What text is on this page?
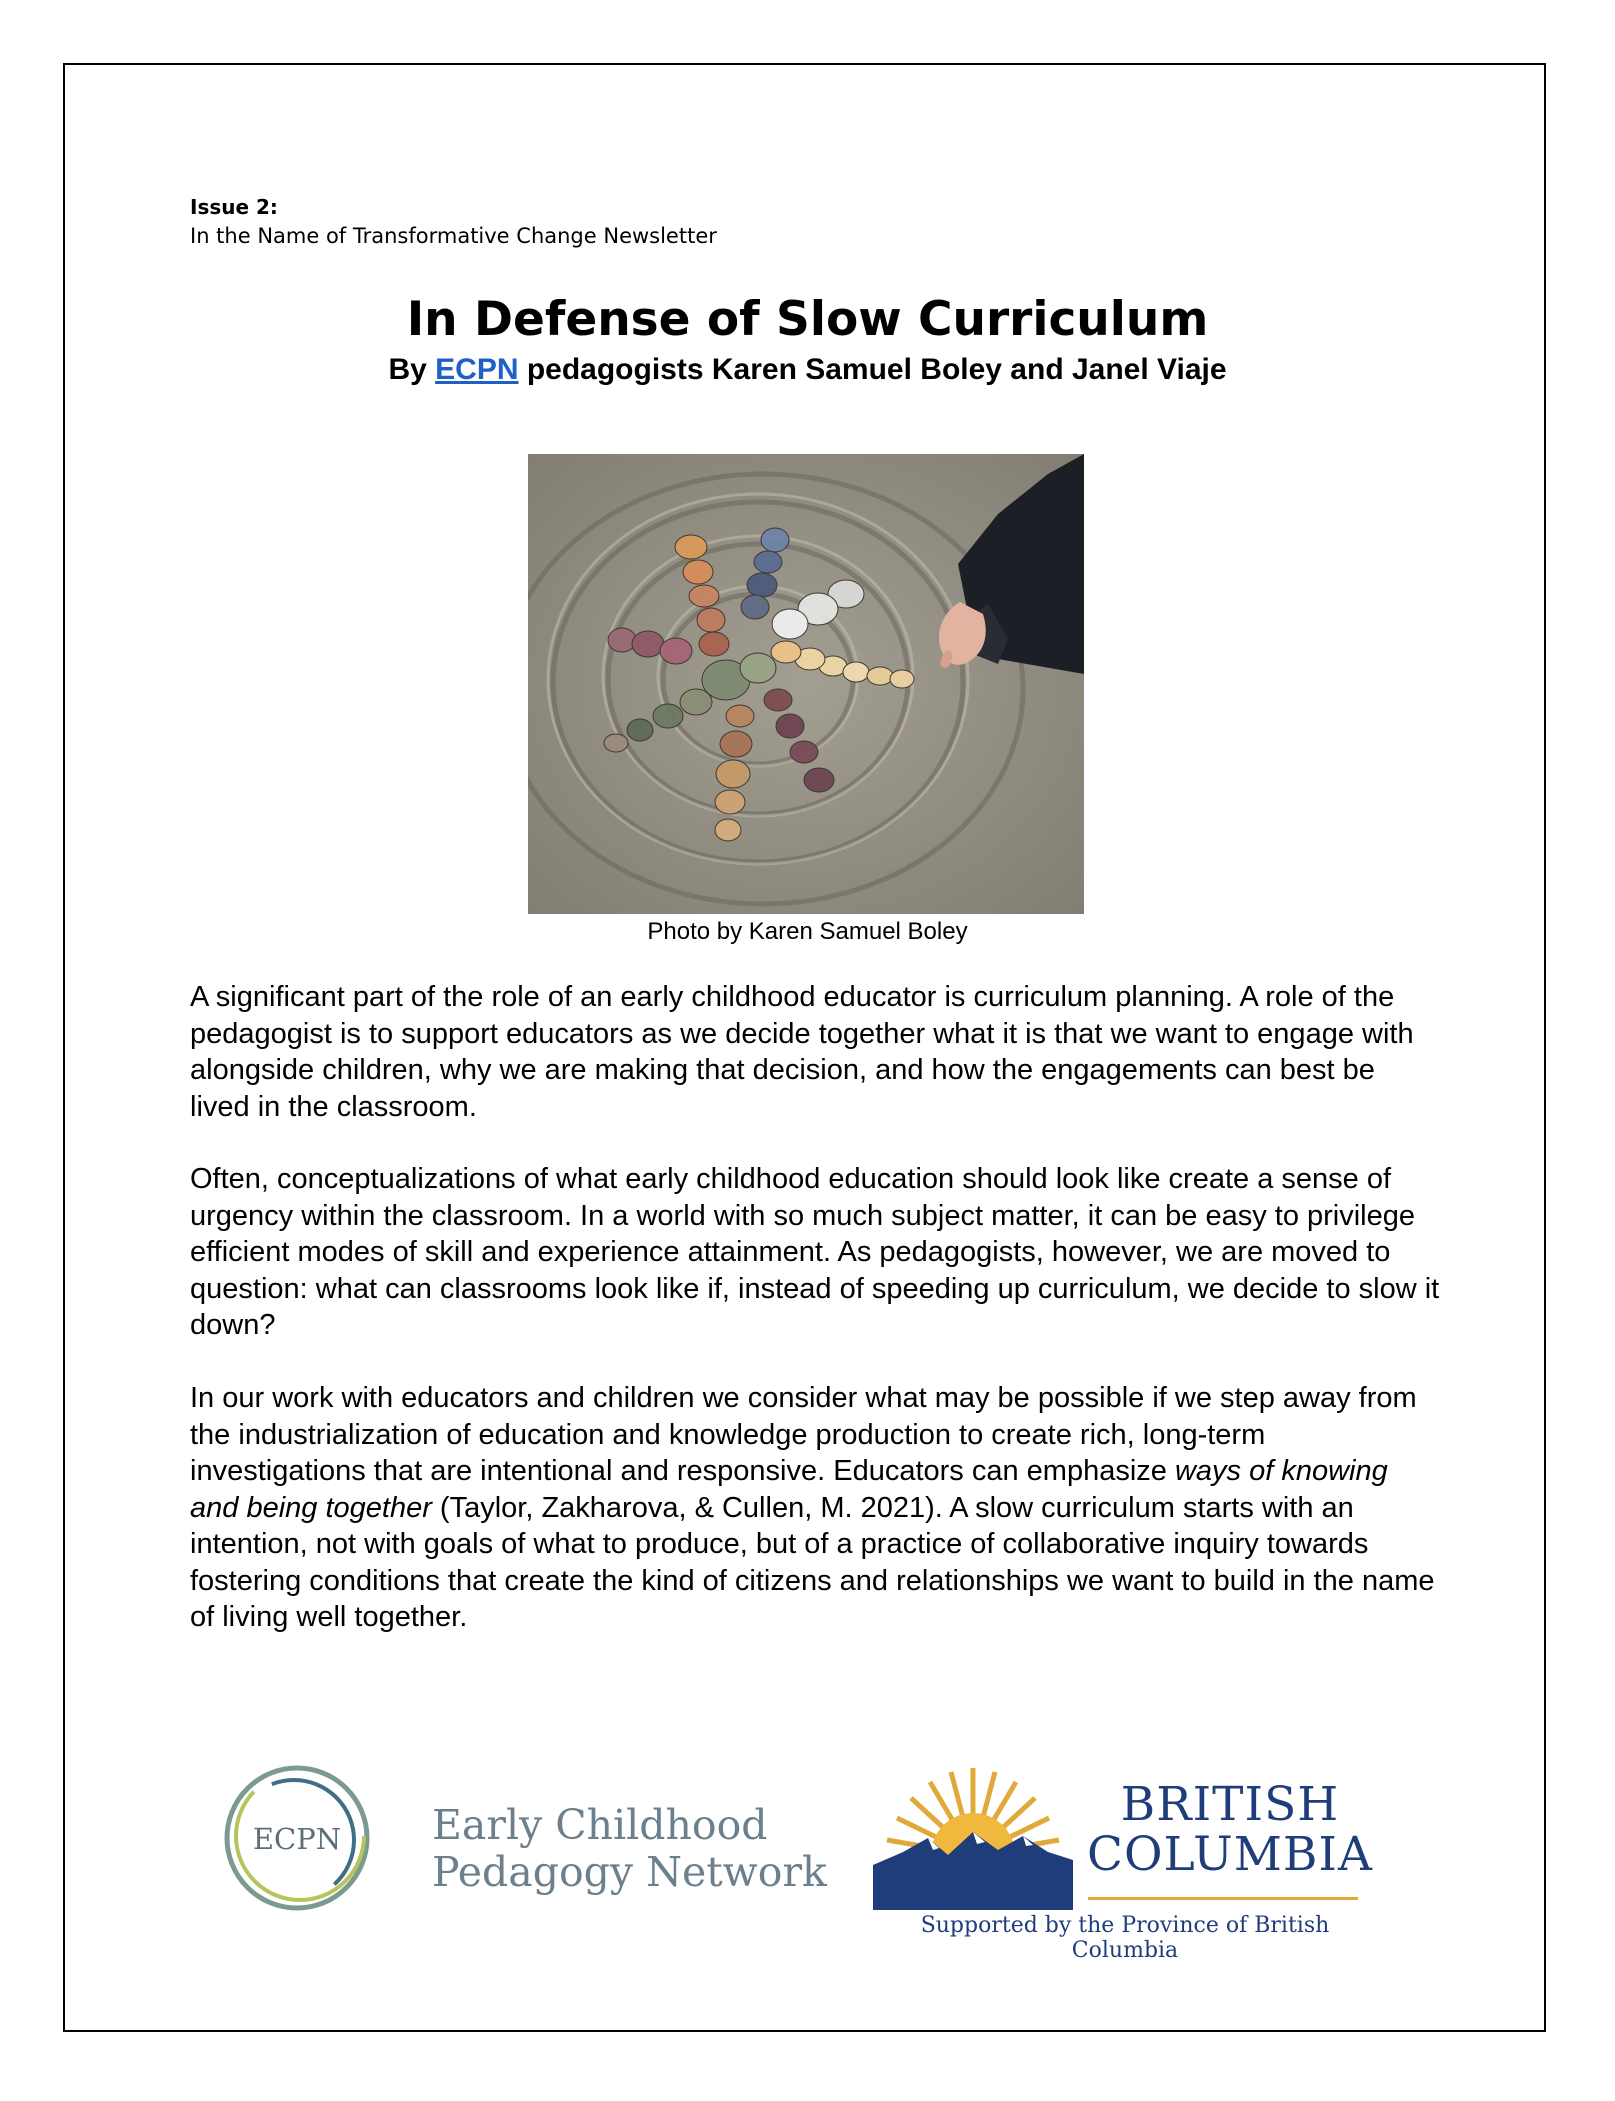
Issue 2:
In the Name of Transformative Change Newsletter
In Defense of Slow Curriculum
By ECPN pedagogists Karen Samuel Boley and Janel Viaje
Photo by Karen Samuel Boley

A significant part of the role of an early childhood educator is curriculum planning. A role of the pedagogist is to support educators as we decide together what it is that we want to engage with alongside children, why we are making that decision, and how the engagements can best be lived in the classroom.

Often, conceptualizations of what early childhood education should look like create a sense of urgency within the classroom. In a world with so much subject matter, it can be easy to privilege efficient modes of skill and experience attainment. As pedagogists, however, we are moved to question: what can classrooms look like if, instead of speeding up curriculum, we decide to slow it down?

In our work with educators and children we consider what may be possible if we step away from the industrialization of education and knowledge production to create rich, long-term investigations that are intentional and responsive. Educators can emphasize ways of knowing and being together (Taylor, Zakharova, & Cullen, M. 2021). A slow curriculum starts with an intention, not with goals of what to produce, but of a practice of collaborative inquiry towards fostering conditions that create the kind of citizens and relationships we want to build in the name of living well together.

ECPN Early Childhood
Pedagogy Network
BRITISH
COLUMBIA
Supported by the Province of British Columbia
